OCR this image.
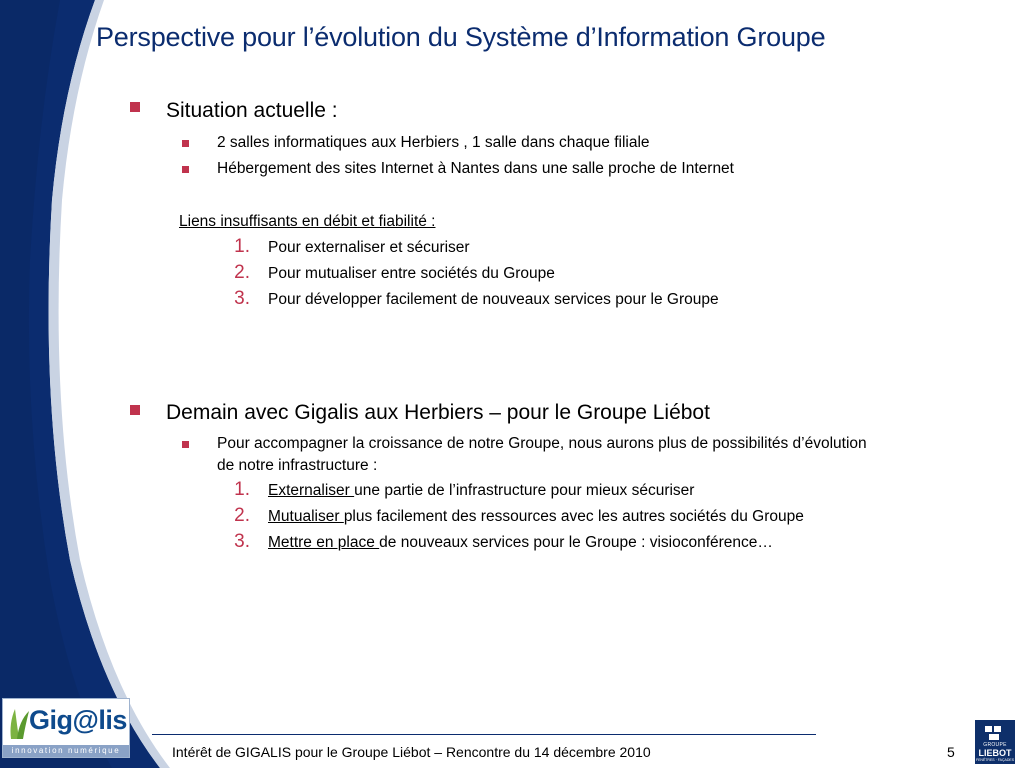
Perspective pour l’évolution du Système d’Information Groupe
Situation actuelle :
2 salles informatiques aux Herbiers , 1 salle dans chaque filiale
Hébergement des sites Internet à Nantes dans une salle proche de Internet
Liens insuffisants en débit et fiabilité :
1. Pour externaliser et sécuriser
2. Pour mutualiser entre sociétés du Groupe
3. Pour développer facilement de nouveaux services pour le Groupe
Demain avec Gigalis aux Herbiers – pour le Groupe Liébot
Pour accompagner la croissance de notre Groupe, nous aurons plus de possibilités d’évolution
de notre infrastructure :
1. Externaliser une partie de l’infrastructure pour mieux sécuriser
2. Mutualiser plus facilement des ressources avec les autres sociétés du Groupe
3. Mettre en place de nouveaux services pour le Groupe : visioconférence…
Intérêt de GIGALIS pour le Groupe Liébot – Rencontre du 14 décembre 2010	5
Gig@lis
innovation numérique
GROUPE
LIEBOT
FENÊTRES · FAÇADES
